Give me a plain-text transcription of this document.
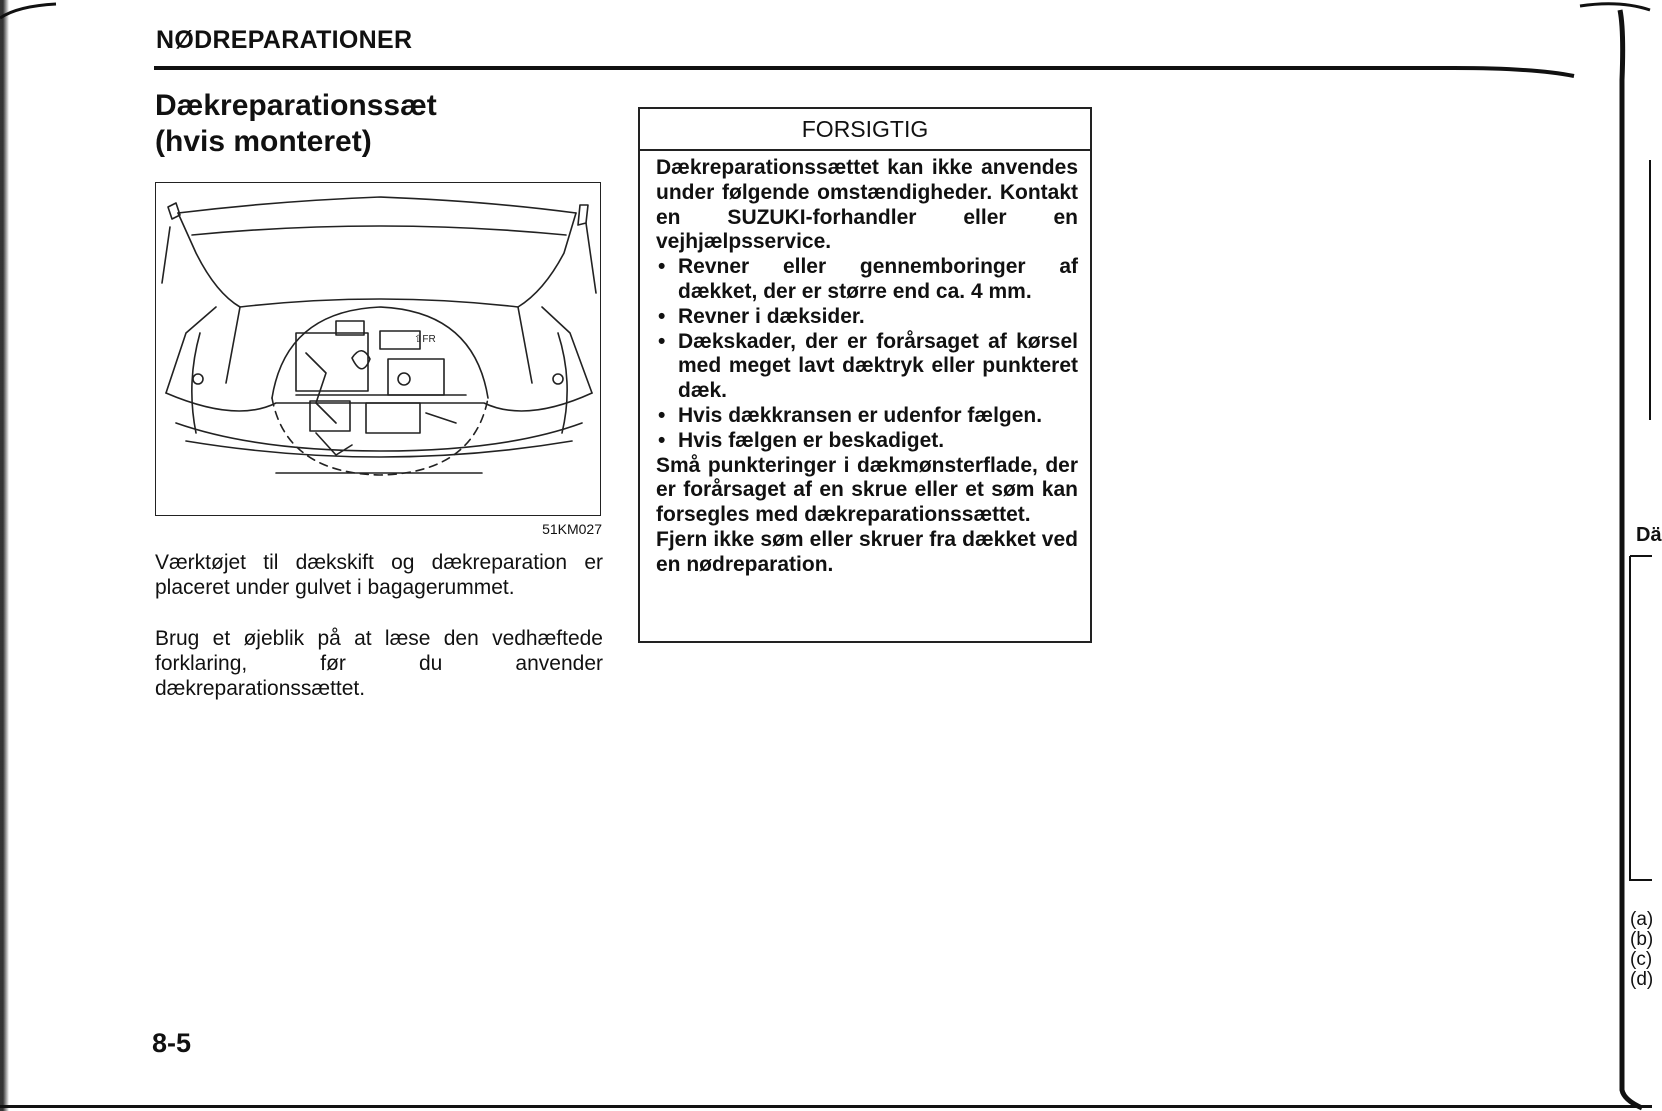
NØDREPARATIONER
Dækreparationssæt
(hvis monteret)
⇧FR
51KM027
Værktøjet til dækskift og dækreparation er placeret under gulvet i bagagerummet.
Brug et øjeblik på at læse den vedhæftede forklaring, før du anvender dækreparationssættet.
FORSIGTIG

Dækreparationssættet kan ikke anvendes under følgende omstændigheder. Kontakt en SUZUKI-forhandler eller en vejhjælpsservice.

• Revner eller gennemboringer af dækket, der er større end ca. 4 mm.
• Revner i dæksider.
• Dækskader, der er forårsaget af kørsel med meget lavt dæktryk eller punkteret dæk.
• Hvis dækkransen er udenfor fælgen.
• Hvis fælgen er beskadiget.

Små punkteringer i dækmønsterflade, der er forårsaget af en skrue eller et søm kan forsegles med dækreparationssættet.

Fjern ikke søm eller skruer fra dækket ved en nødreparation.

8-5
Dä
(a)
(b)
(c)
(d)
